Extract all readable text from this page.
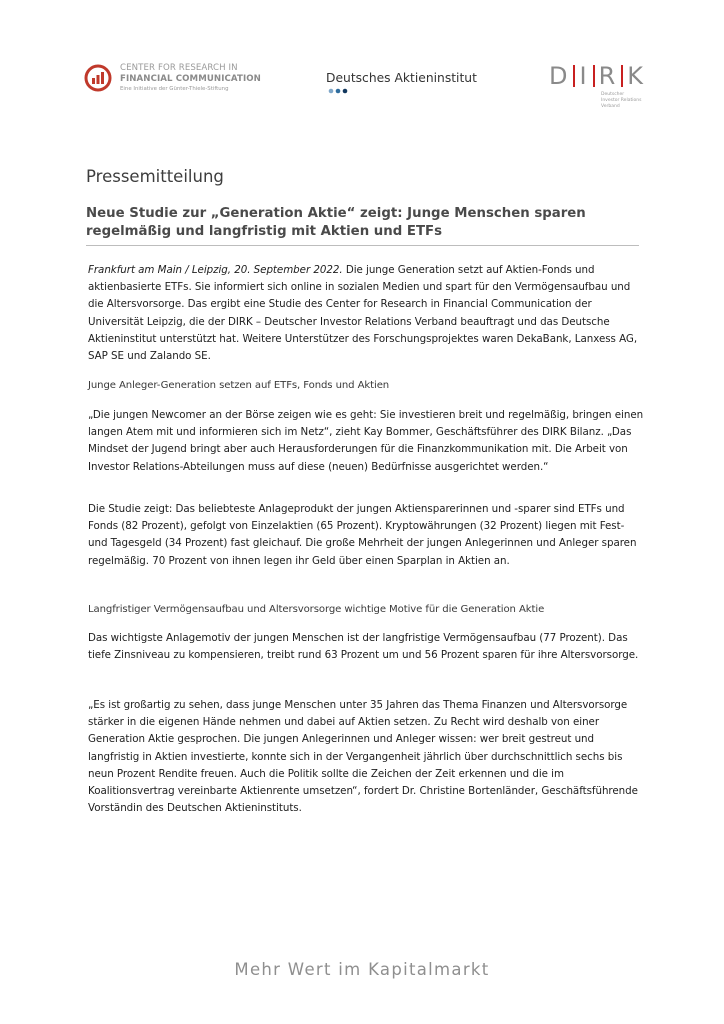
CENTER FOR RESEARCH IN
FINANCIAL COMMUNICATION
Eine Initiative der Günter-Thiele-Stiftung
Deutsches Aktieninstitut	D I R K
Deutscher
Investor Relations
Verband
Pressemitteilung
Neue Studie zur „Generation Aktie“ zeigt: Junge Menschen sparen regelmäßig und langfristig mit Aktien und ETFs
Frankfurt am Main / Leipzig, 20. September 2022. Die junge Generation setzt auf Aktien-Fonds und aktienbasierte ETFs. Sie informiert sich online in sozialen Medien und spart für den Vermögensaufbau und die Altersvorsorge. Das ergibt eine Studie des Center for Research in Financial Communication der Universität Leipzig, die der DIRK – Deutscher Investor Relations Verband beauftragt und das Deutsche Aktieninstitut unterstützt hat. Weitere Unterstützer des Forschungsprojektes waren DekaBank, Lanxess AG, SAP SE und Zalando SE.
Junge Anleger-Generation setzen auf ETFs, Fonds und Aktien
„Die jungen Newcomer an der Börse zeigen wie es geht: Sie investieren breit und regelmäßig, bringen einen langen Atem mit und informieren sich im Netz“, zieht Kay Bommer, Geschäftsführer des DIRK Bilanz. „Das Mindset der Jugend bringt aber auch Herausforderungen für die Finanzkommunikation mit. Die Arbeit von Investor Relations-Abteilungen muss auf diese (neuen) Bedürfnisse ausgerichtet werden.“
Die Studie zeigt: Das beliebteste Anlageprodukt der jungen Aktiensparerinnen und -sparer sind ETFs und Fonds (82 Prozent), gefolgt von Einzelaktien (65 Prozent). Kryptowährungen (32 Prozent) liegen mit Fest- und Tagesgeld (34 Prozent) fast gleichauf. Die große Mehrheit der jungen Anlegerinnen und Anleger sparen regelmäßig. 70 Prozent von ihnen legen ihr Geld über einen Sparplan in Aktien an.
Langfristiger Vermögensaufbau und Altersvorsorge wichtige Motive für die Generation Aktie
Das wichtigste Anlagemotiv der jungen Menschen ist der langfristige Vermögensaufbau (77 Prozent). Das tiefe Zinsniveau zu kompensieren, treibt rund 63 Prozent um und 56 Prozent sparen für ihre Altersvorsorge.
„Es ist großartig zu sehen, dass junge Menschen unter 35 Jahren das Thema Finanzen und Altersvorsorge stärker in die eigenen Hände nehmen und dabei auf Aktien setzen. Zu Recht wird deshalb von einer Generation Aktie gesprochen. Die jungen Anlegerinnen und Anleger wissen: wer breit gestreut und langfristig in Aktien investierte, konnte sich in der Vergangenheit jährlich über durchschnittlich sechs bis neun Prozent Rendite freuen. Auch die Politik sollte die Zeichen der Zeit erkennen und die im Koalitionsvertrag vereinbarte Aktienrente umsetzen“, fordert Dr. Christine Bortenländer, Geschäftsführende Vorständin des Deutschen Aktieninstituts.
Mehr Wert im Kapitalmarkt
